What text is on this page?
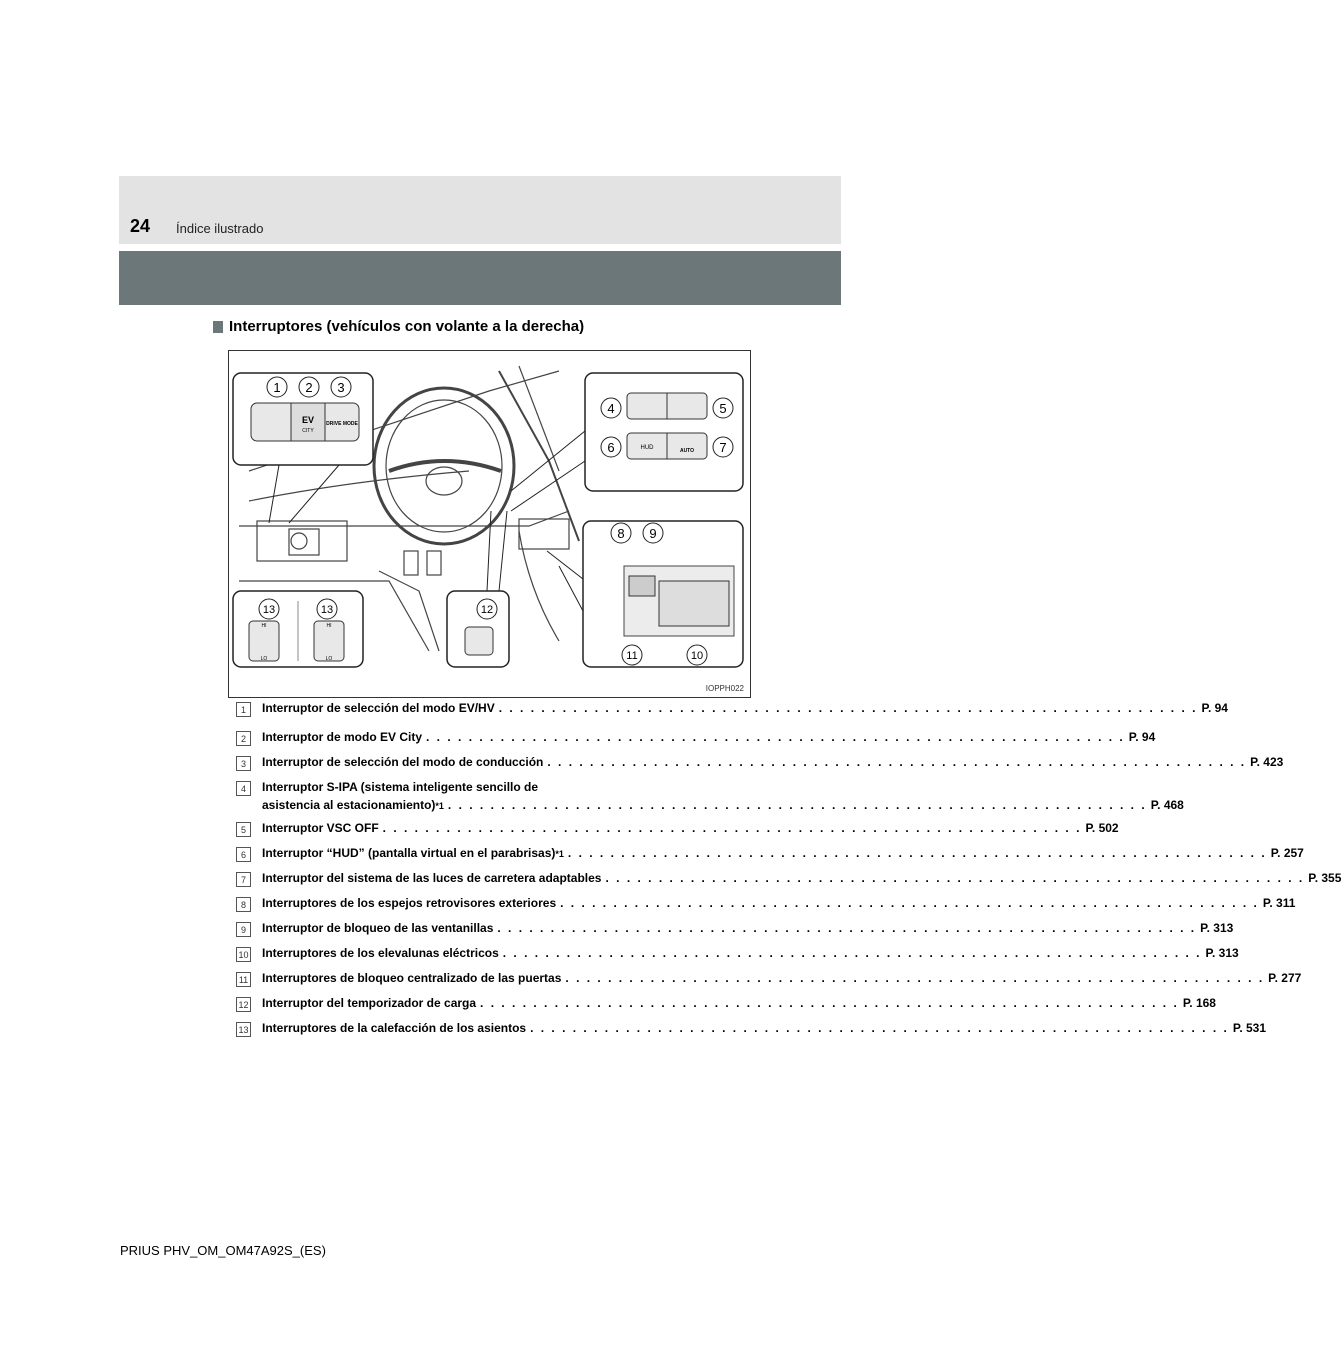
24 Índice ilustrado
Interruptores (vehículos con volante a la derecha)
1 2 3
EV
CITY
DRIVE MODE
HUD	AUTO
4	5
6	7
8 9
11	10
HI
LO
HI
LO
13	13	12
IOPPH022
1	Interruptor de selección del modo EV/HV . . . . . . . . . . . . . . . . . . . . . . . . . . . . . . . . . . . . . . . . . . . . . . . . . . . . . . . . . . . . . . . . . . P. 94
2	Interruptor de modo EV City . . . . . . . . . . . . . . . . . . . . . . . . . . . . . . . . . . . . . . . . . . . . . . . . . . . . . . . . . . . . . . . . . . P. 94
3	Interruptor de selección del modo de conducción . . . . . . . . . . . . . . . . . . . . . . . . . . . . . . . . . . . . . . . . . . . . . . . . . . . . . . . . . . . . . . . . . . P. 423
4	Interruptor S-IPA (sistema inteligente sencillo de
asistencia al estacionamiento) *1 . . . . . . . . . . . . . . . . . . . . . . . . . . . . . . . . . . . . . . . . . . . . . . . . . . . . . . . . . . . . . . . . . . P. 468
5	Interruptor VSC OFF . . . . . . . . . . . . . . . . . . . . . . . . . . . . . . . . . . . . . . . . . . . . . . . . . . . . . . . . . . . . . . . . . . P. 502
6	Interruptor “HUD” (pantalla virtual en el parabrisas) *1 . . . . . . . . . . . . . . . . . . . . . . . . . . . . . . . . . . . . . . . . . . . . . . . . . . . . . . . . . . . . . . . . . . P. 257
7	Interruptor del sistema de las luces de carretera adaptables . . . . . . . . . . . . . . . . . . . . . . . . . . . . . . . . . . . . . . . . . . . . . . . . . . . . . . . . . . . . . . . . . . P. 355
8	Interruptores de los espejos retrovisores exteriores . . . . . . . . . . . . . . . . . . . . . . . . . . . . . . . . . . . . . . . . . . . . . . . . . . . . . . . . . . . . . . . . . . P. 311
9	Interruptor de bloqueo de las ventanillas . . . . . . . . . . . . . . . . . . . . . . . . . . . . . . . . . . . . . . . . . . . . . . . . . . . . . . . . . . . . . . . . . . P. 313
10 Interruptores de los elevalunas eléctricos . . . . . . . . . . . . . . . . . . . . . . . . . . . . . . . . . . . . . . . . . . . . . . . . . . . . . . . . . . . . . . . . . . P. 313
11 Interruptores de bloqueo centralizado de las puertas . . . . . . . . . . . . . . . . . . . . . . . . . . . . . . . . . . . . . . . . . . . . . . . . . . . . . . . . . . . . . . . . . . P. 277
12 Interruptor del temporizador de carga . . . . . . . . . . . . . . . . . . . . . . . . . . . . . . . . . . . . . . . . . . . . . . . . . . . . . . . . . . . . . . . . . . P. 168
13 Interruptores de la calefacción de los asientos . . . . . . . . . . . . . . . . . . . . . . . . . . . . . . . . . . . . . . . . . . . . . . . . . . . . . . . . . . . . . . . . . . P. 531
PRIUS PHV_OM_OM47A92S_(ES)
